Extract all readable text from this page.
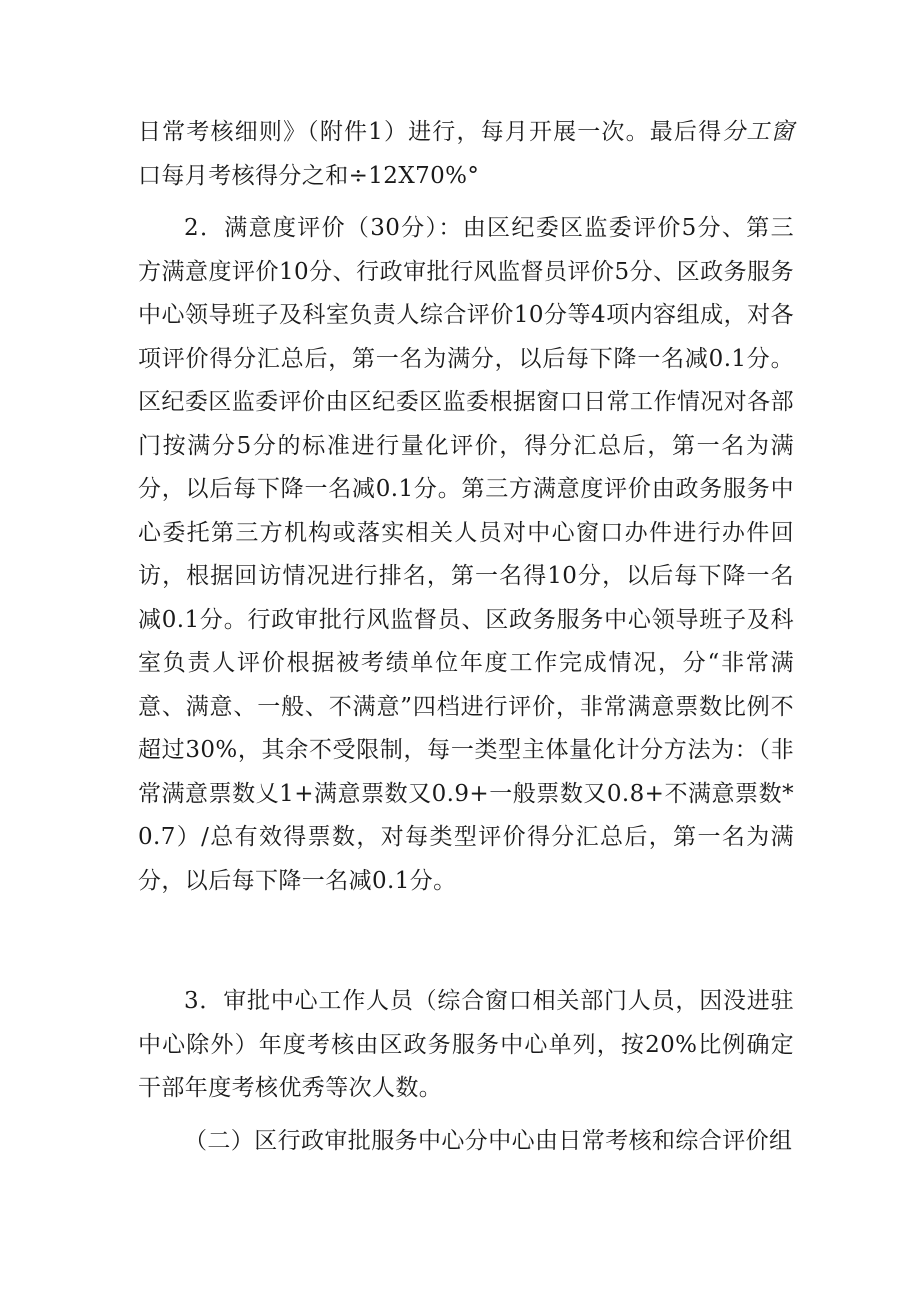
日常考核细则》（附件1）进行，每月开展一次。最后得分工窗口每月考核得分之和÷12X70%°

2．满意度评价（30分）：由区纪委区监委评价5分、第三方满意度评价10分、行政审批行风监督员评价5分、区政务服务中心领导班子及科室负责人综合评价10分等4项内容组成，对各项评价得分汇总后，第一名为满分，以后每下降一名减0.1分。区纪委区监委评价由区纪委区监委根据窗口日常工作情况对各部门按满分5分的标准进行量化评价，得分汇总后，第一名为满分，以后每下降一名减0.1分。第三方满意度评价由政务服务中心委托第三方机构或落实相关人员对中心窗口办件进行办件回访，根据回访情况进行排名，第一名得10分，以后每下降一名减0.1分。行政审批行风监督员、区政务服务中心领导班子及科室负责人评价根据被考绩单位年度工作完成情况，分“非常满意、满意、一般、不满意”四档进行评价，非常满意票数比例不超过30%，其余不受限制，每一类型主体量化计分方法为：（非常满意票数乂1+满意票数又0.9+一般票数又0.8+不满意票数*0.7）/总有效得票数，对每类型评价得分汇总后，第一名为满分，以后每下降一名减0.1分。

3．审批中心工作人员（综合窗口相关部门人员，因没进驻中心除外）年度考核由区政务服务中心单列，按20%比例确定干部年度考核优秀等次人数。

（二）区行政审批服务中心分中心由日常考核和综合评价组
